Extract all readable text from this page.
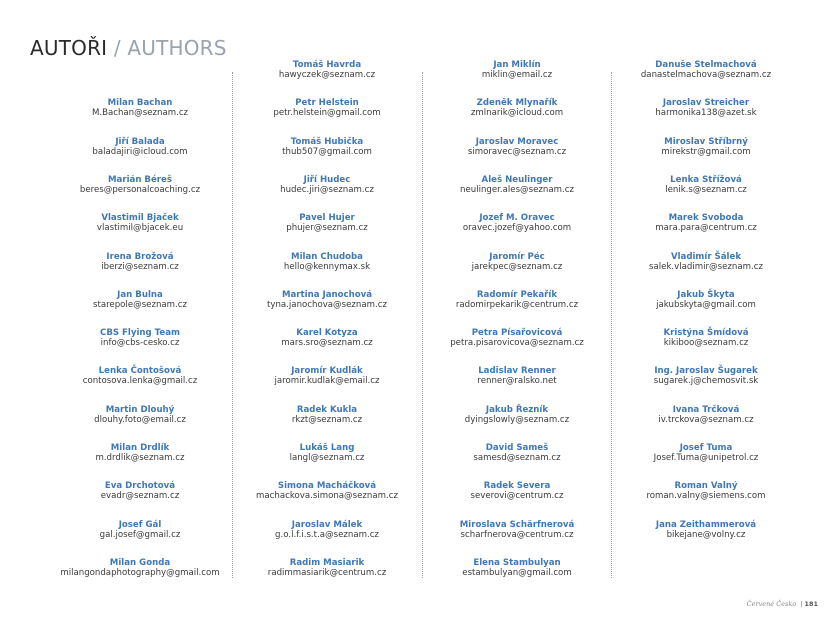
AUTOŘI / AUTHORS
Milan Bachan
M.Bachan@seznam.cz
Jiří Balada
baladajiri@icloud.com
Marián Béreš
beres@personalcoaching.cz
Vlastimil Bjaček
vlastimil@bjacek.eu
Irena Brožová
iberzi@seznam.cz
Jan Bulna
starepole@seznam.cz
CBS Flying Team
info@cbs-cesko.cz
Lenka Čontošová
contosova.lenka@gmail.cz
Martin Dlouhý
dlouhy.foto@email.cz
Milan Drdlík
m.drdlik@seznam.cz
Eva Drchotová
evadr@seznam.cz
Josef Gál
gal.josef@gmail.cz
Milan Gonda
milangondaphotography@gmail.com
Tomáš Havrda
hawyczek@seznam.cz
Petr Helstein
petr.helstein@gmail.com
Tomáš Hubička
thub507@gmail.com
Jiří Hudec
hudec.jiri@seznam.cz
Pavel Hujer
phujer@seznam.cz
Milan Chudoba
hello@kennymax.sk
Martina Janochová
tyna.janochova@seznam.cz
Karel Kotyza
mars.sro@seznam.cz
Jaromír Kudlák
jaromir.kudlak@email.cz
Radek Kukla
rkzt@seznam.cz
Lukáš Lang
langl@seznam.cz
Simona Macháčková
machackova.simona@seznam.cz
Jaroslav Málek
g.o.l.f.i.s.t.a@seznam.cz
Radim Masiarik
radimmasiarik@centrum.cz
Jan Miklín
miklin@email.cz
Zdeněk Mlynařík
zmlnarik@icloud.com
Jaroslav Moravec
simoravec@seznam.cz
Aleš Neulinger
neulinger.ales@seznam.cz
Jozef M. Oravec
oravec.jozef@yahoo.com
Jaromír Péc
jarekpec@seznam.cz
Radomír Pekařík
radomirpekarik@centrum.cz
Petra Písařovicová
petra.pisarovicova@seznam.cz
Ladislav Renner
renner@ralsko.net
Jakub Řezník
dyingslowly@seznam.cz
David Sameš
samesd@seznam.cz
Radek Severa
severovi@centrum.cz
Miroslava Schärfnerová
scharfnerova@centrum.cz
Elena Stambulyan
estambulyan@gmail.com
Danuše Stelmachová
danastelmachova@seznam.cz
Jaroslav Streicher
harmonika138@azet.sk
Miroslav Stříbrný
mirekstr@gmail.com
Lenka Střížová
lenik.s@seznam.cz
Marek Svoboda
mara.para@centrum.cz
Vladimír Šálek
salek.vladimir@seznam.cz
Jakub Škyta
jakubskyta@gmail.com
Kristýna Šmídová
kikiboo@seznam.cz
Ing. Jaroslav Šugarek
sugarek.j@chemosvit.sk
Ivana Trčková
iv.trckova@seznam.cz
Josef Tuma
Josef.Tuma@unipetrol.cz
Roman Valný
roman.valny@siemens.com
Jana Zeithammerová
bikejane@volny.cz
Červené Česko | 181
